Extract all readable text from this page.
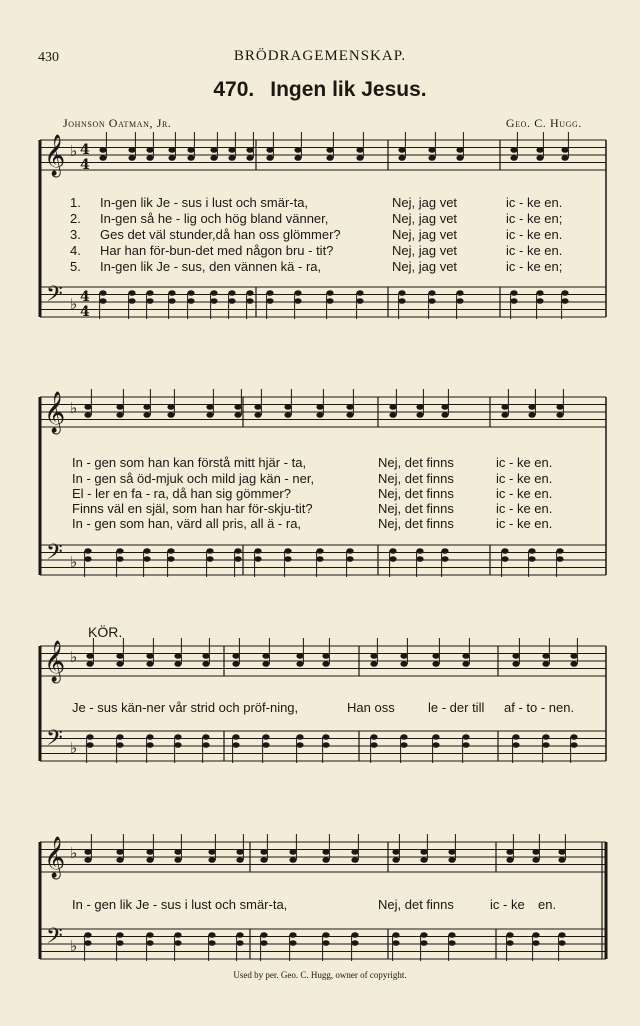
430	BRÖDRAGEMENSKAP.
470. Ingen lik Jesus.
Johnson Oatman, Jr.	Geo. C. Hugg.
𝄞
𝄢
♭
♭
4
4
4
4
𝄞
𝄢
♭
♭
𝄞
𝄢
♭
♭
𝄞
𝄢
♭
♭
1. In-gen lik Je - sus i lust och smär-ta,	Nej, jag vet	ic - ke en.
2. In-gen så he - lig och hög bland vänner,	Nej, jag vet	ic - ke en;
3. Ges det väl stunder,då han oss glömmer?	Nej, jag vet	ic - ke en.
4. Har han för-bun-det med någon bru - tit?	Nej, jag vet	ic - ke en.
5. In-gen lik Je - sus, den vännen kä - ra,	Nej, jag vet	ic - ke en;
In - gen som han kan förstå mitt hjär - ta,	Nej, det finns	ic - ke en.
In - gen så öd-mjuk och mild jag kän - ner,	Nej, det finns	ic - ke en.
El - ler en fa - ra, då han sig gömmer?	Nej, det finns	ic - ke en.
Finns väl en själ, som han har för-skju-tit?	Nej, det finns	ic - ke en.
In - gen som han, värd all pris, all ä - ra,	Nej, det finns	ic - ke en.
KÖR.
Je - sus kän-ner vår strid och pröf-ning,	Han oss	le - der till af - to - nen.
In - gen lik Je - sus i lust och smär-ta,	Nej, det finns	ic - ke en.
Used by per. Geo. C. Hugg, owner of copyright.
